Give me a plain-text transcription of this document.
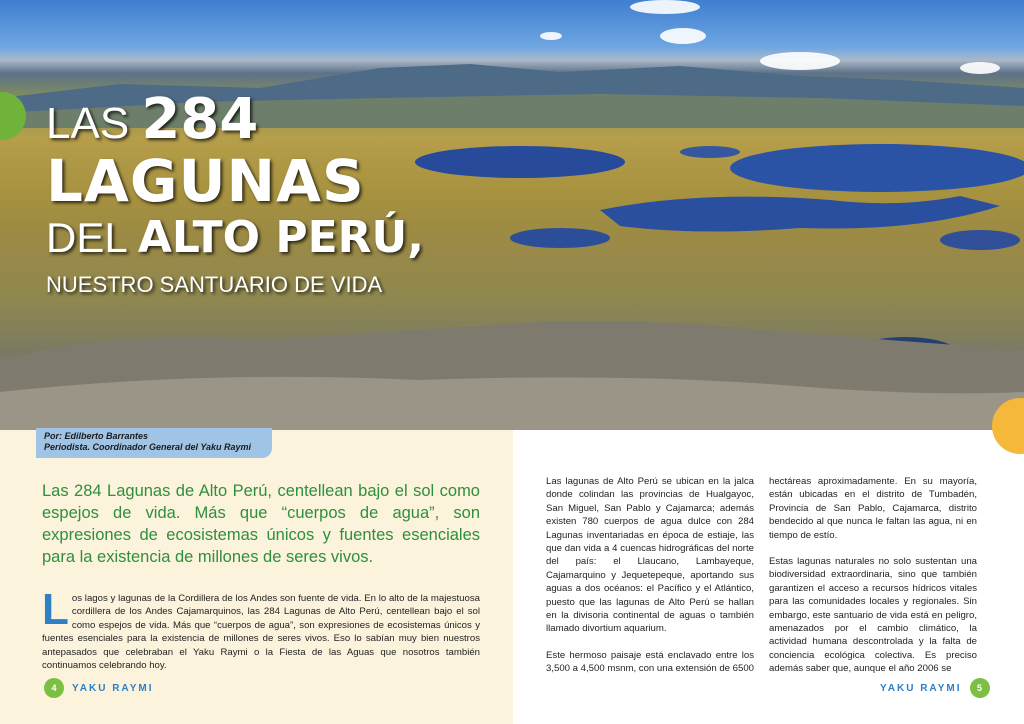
LAS 284
LAGUNAS
DEL ALTO PERÚ,
NUESTRO SANTUARIO DE VIDA
Por: Edilberto Barrantes
Periodista. Coordinador General del Yaku Raymi
Las 284 Lagunas de Alto Perú, centellean bajo el sol como espejos de vida. Más que “cuerpos de agua”, son expresiones de ecosistemas únicos y fuentes esenciales para la existencia de millones de seres vivos.
Los lagos y lagunas de la Cordillera de los Andes son fuente de vida. En lo alto de la majestuosa cordillera de los Andes Cajamarquinos, las 284 Lagunas de Alto Perú, centellean bajo el sol como espejos de vida. Más que “cuerpos de agua”, son expresiones de ecosistemas únicos y fuentes esenciales para la existencia de millones de seres vivos. Eso lo sabían muy bien nuestros antepasados que celebraban el Yaku Raymi o la Fiesta de las Aguas que nosotros también continuamos celebrando hoy.

Las lagunas de Alto Perú se ubican en la jalca donde colindan las provincias de Hualgayoc, San Miguel, San Pablo y Cajamarca; además existen 780 cuerpos de agua dulce con 284 Lagunas inventariadas en época de estiaje, las que dan vida a 4 cuencas hidrográficas del norte del país: el Llaucano, Lambayeque, Cajamarquino y Jequetepeque, aportando sus aguas a dos océanos: el Pacífico y el Atlántico, puesto que las lagunas de Alto Perú se hallan en la divisoria continental de aguas o también llamado divortium aquarium.

Este hermoso paisaje está enclavado entre los 3,500 a 4,500 msnm, con una extensión de 6500

hectáreas aproximadamente. En su mayoría, están ubicadas en el distrito de Tumbadén, Provincia de San Pablo, Cajamarca, distrito bendecido al que nunca le faltan las agua, ni en tiempo de estío.

Estas lagunas naturales no solo sustentan una biodiversidad extraordinaria, sino que también garantizen el acceso a recursos hídricos vitales para las comunidades locales y regionales. Sin embargo, este santuario de vida está en peligro, amenazados por el cambio climático, la actividad humana descontrolada y la falta de conciencia ecológica colectiva. Es preciso además saber que, aunque el año 2006 se

4 YAKU RAYMI	YAKU RAYMI 5
